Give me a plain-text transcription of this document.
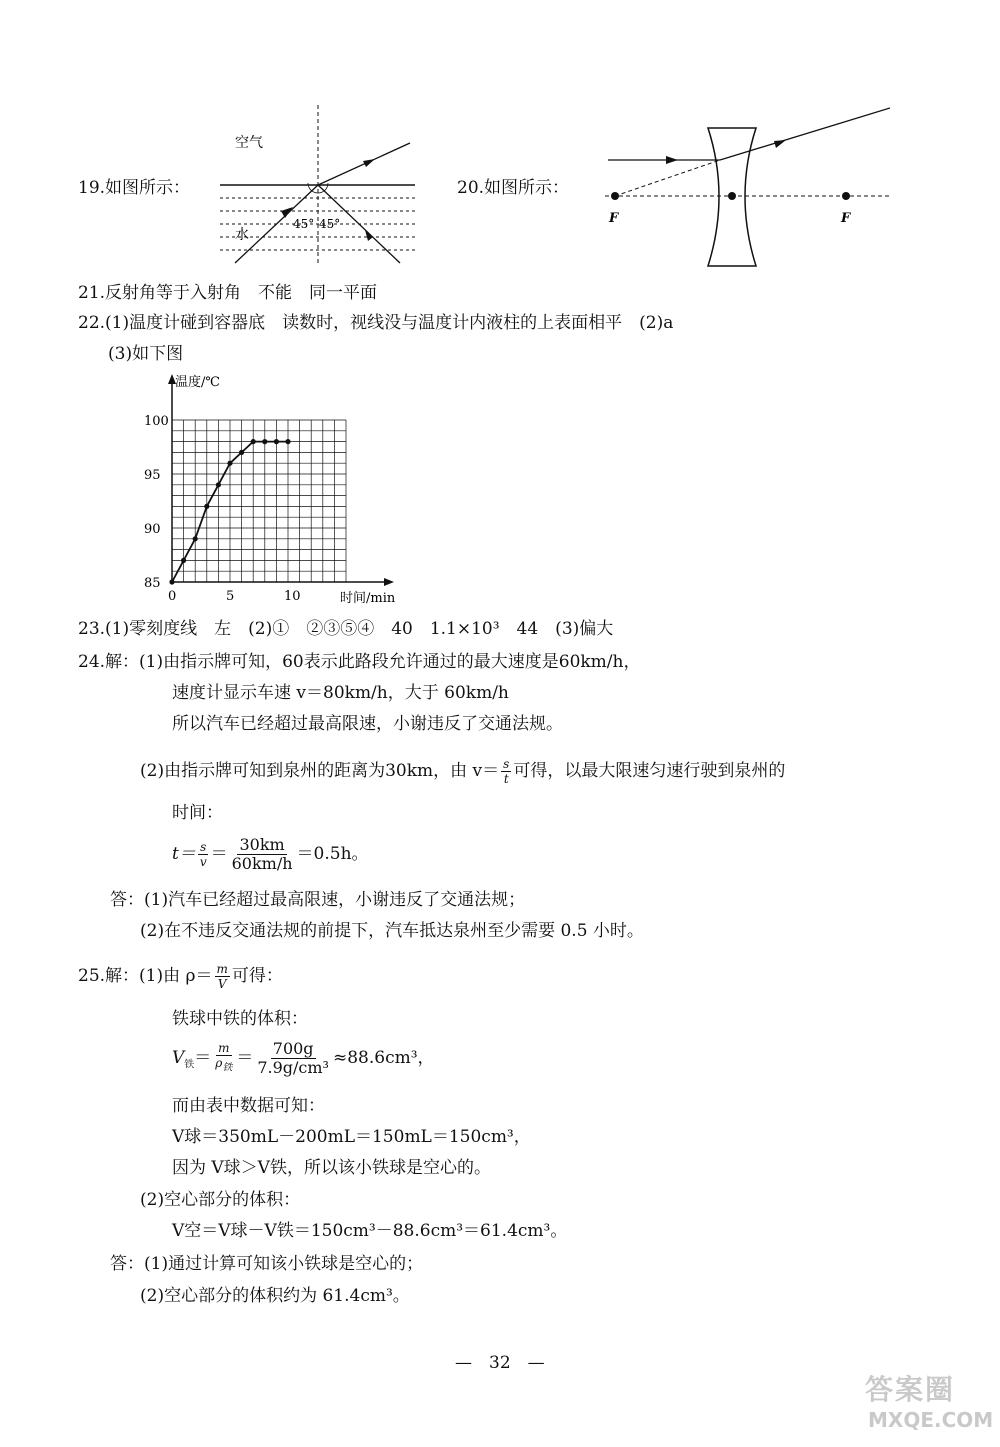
19.如图所示：
空气
水
45° 45°
20.如图所示：
F	F
21.反射角等于入射角　不能　同一平面
22.(1)温度计碰到容器底　读数时，视线没与温度计内液柱的上表面相平　(2)a
(3)如下图
0	5	10
85
90
95
100
温度/℃
时间/min
23.(1)零刻度线　左　(2)①　②③⑤④　40　1.1×10³　44　(3)偏大
24.解：(1)由指示牌可知，60表示此路段允许通过的最大速度是60km/h，
速度计显示车速 v＝80km/h，大于 60km/h
所以汽车已经超过最高限速，小谢违反了交通法规。
(2)由指示牌可知到泉州的距离为30km，由 $v= \frac{s}{t}$ 可得，以最大限速匀速行驶到泉州的
时间：
$t= \frac{s}{v} = \frac{30km}{60km/h} =0.5h$。
答：(1)汽车已经超过最高限速，小谢违反了交通法规；
(2)在不违反交通法规的前提下，汽车抵达泉州至少需要 0.5 小时。
25.解：(1)由 $\rho= \frac{m}{V}$ 可得：
铁球中铁的体积：
$V_铁= \frac{m}{\rho_铁} = \frac{700g}{\text{7.9g/cm³}} \approx 88.6cm^3$，
而由表中数据可知：
V球＝350mL－200mL＝150mL＝150cm³，
因为 V球＞V铁，所以该小铁球是空心的。
(2)空心部分的体积：
V空＝V球－V铁＝150cm³－88.6cm³＝61.4cm³。
答：(1)通过计算可知该小铁球是空心的；
(2)空心部分的体积约为 61.4cm³。
—　32　—
答案圈
MXQE.COM
